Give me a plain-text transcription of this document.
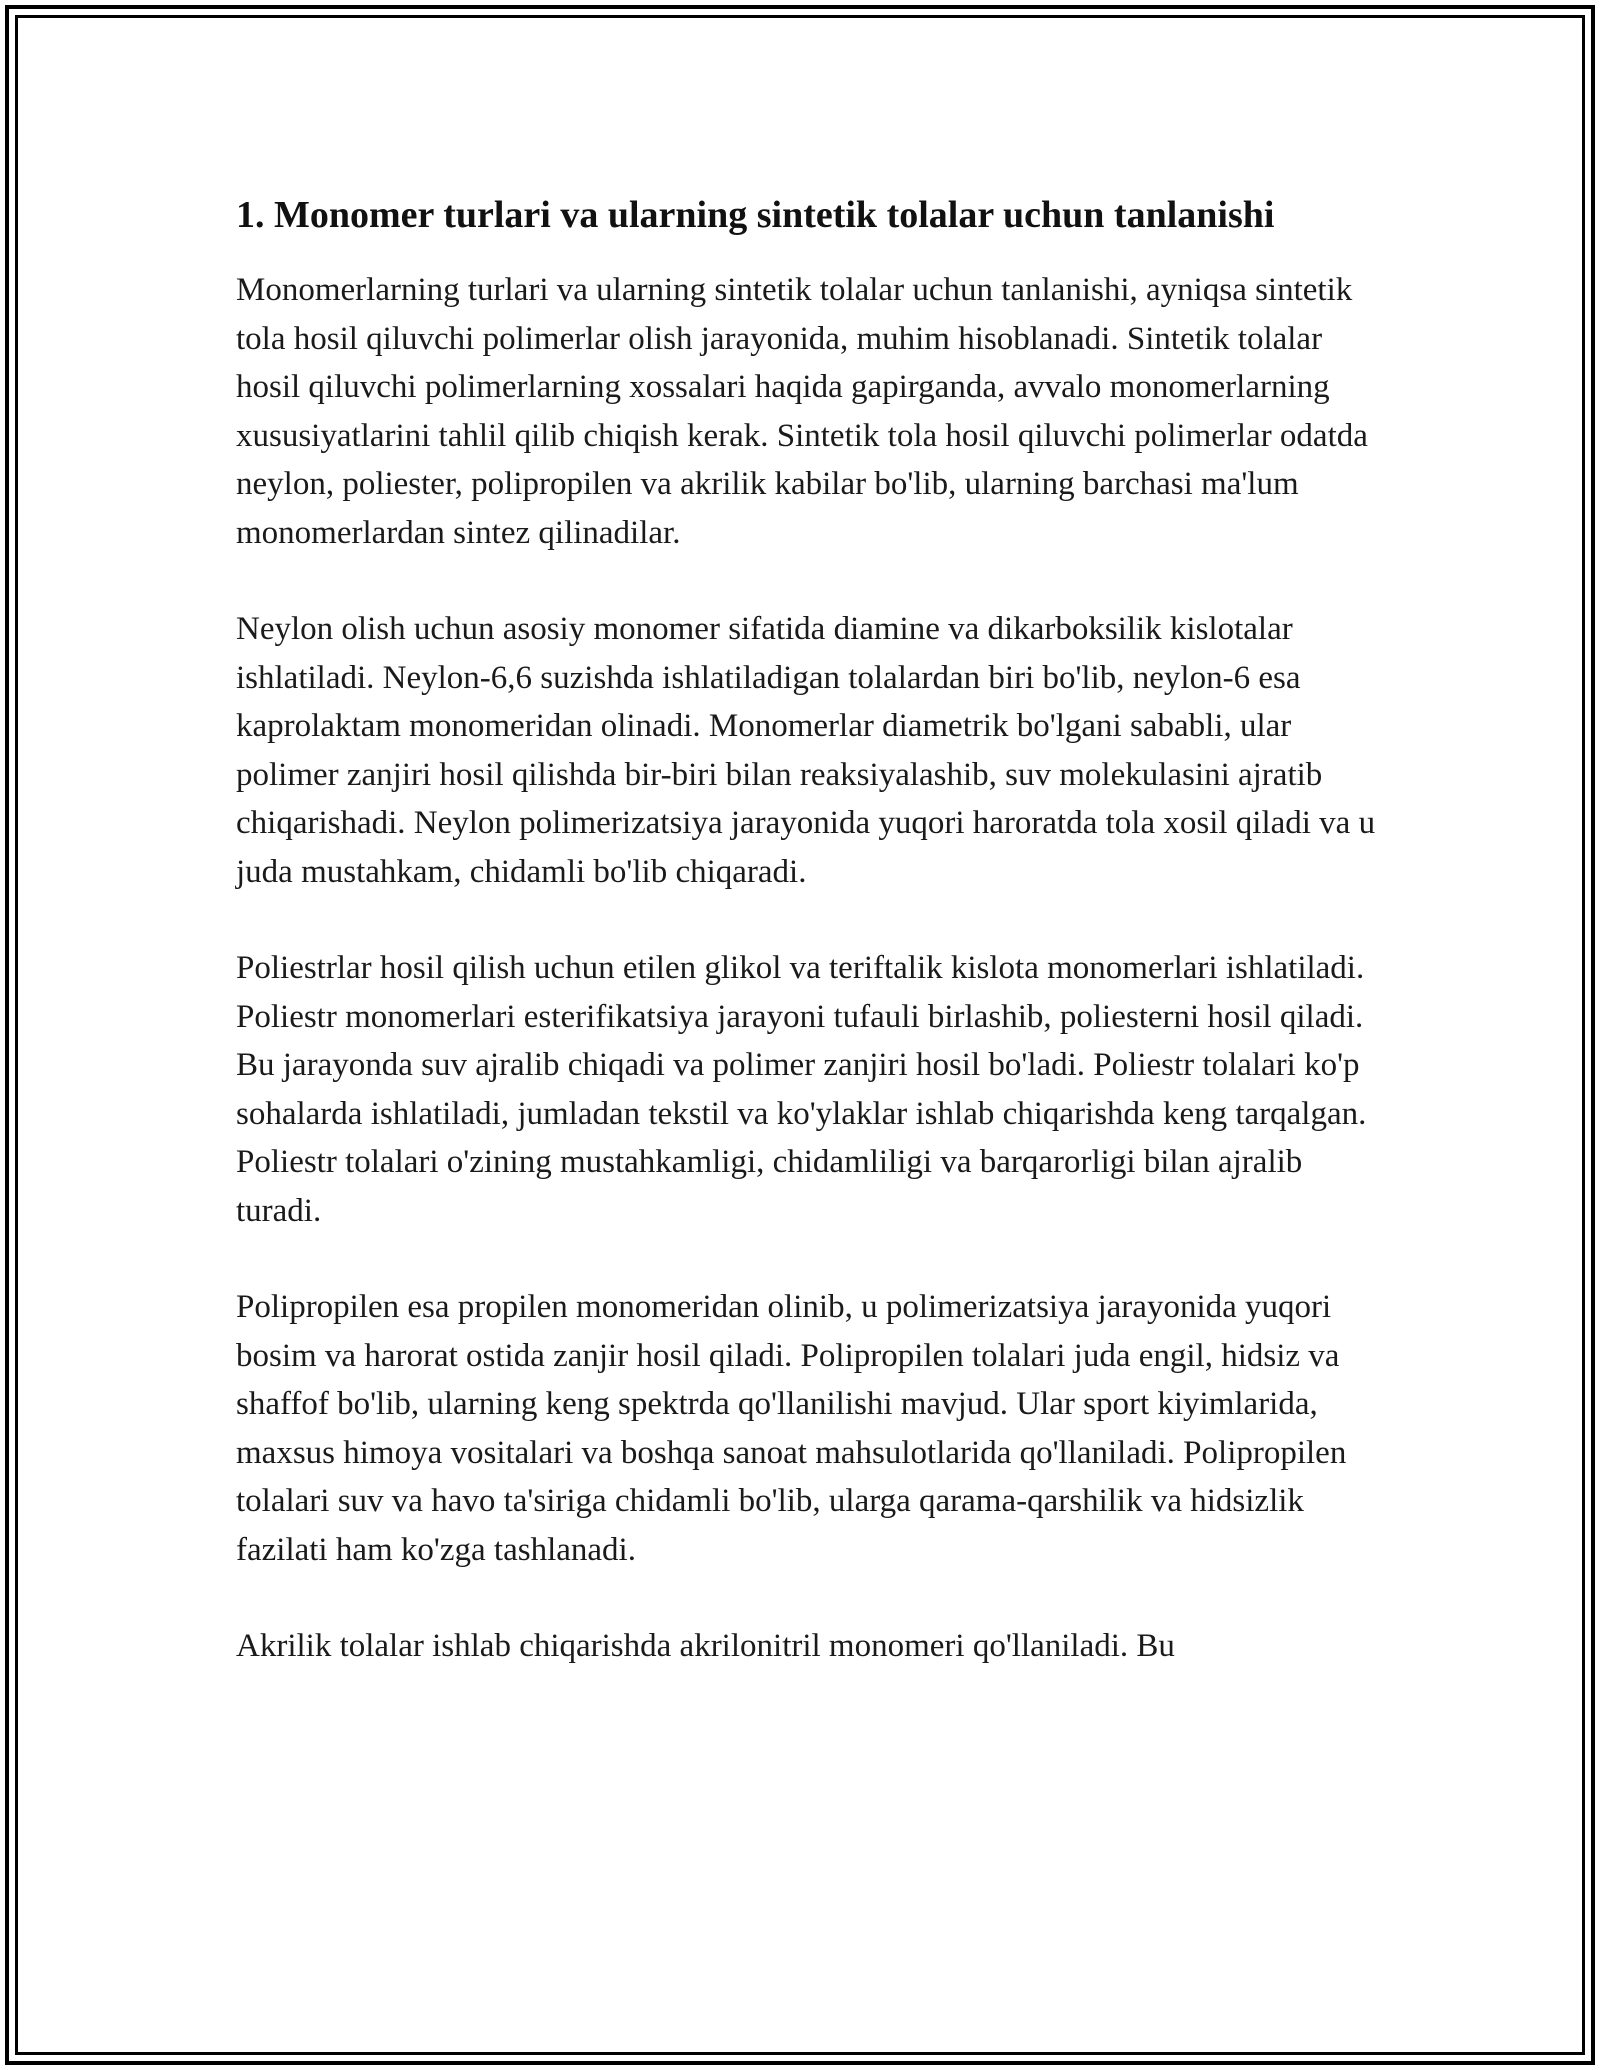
1. Monomer turlari va ularning sintetik tolalar uchun tanlanishi

Monomerlarning turlari va ularning sintetik tolalar uchun tanlanishi, ayniqsa sintetik tola hosil qiluvchi polimerlar olish jarayonida, muhim hisoblanadi. Sintetik tolalar hosil qiluvchi polimerlarning xossalari haqida gapirganda, avvalo monomerlarning xususiyatlarini tahlil qilib chiqish kerak. Sintetik tola hosil qiluvchi polimerlar odatda neylon, poliester, polipropilen va akrilik kabilar bo'lib, ularning barchasi ma'lum monomerlardan sintez qilinadilar.

Neylon olish uchun asosiy monomer sifatida diamine va dikarboksilik kislotalar ishlatiladi. Neylon-6,6 suzishda ishlatiladigan tolalardan biri bo'lib, neylon-6 esa kaprolaktam monomeridan olinadi. Monomerlar diametrik bo'lgani sababli, ular polimer zanjiri hosil qilishda bir-biri bilan reaksiyalashib, suv molekulasini ajratib chiqarishadi. Neylon polimerizatsiya jarayonida yuqori haroratda tola xosil qiladi va u juda mustahkam, chidamli bo'lib chiqaradi.

Poliestrlar hosil qilish uchun etilen glikol va teriftalik kislota monomerlari ishlatiladi. Poliestr monomerlari esterifikatsiya jarayoni tufauli birlashib, poliesterni hosil qiladi. Bu jarayonda suv ajralib chiqadi va polimer zanjiri hosil bo'ladi. Poliestr tolalari ko'p sohalarda ishlatiladi, jumladan tekstil va ko'ylaklar ishlab chiqarishda keng tarqalgan. Poliestr tolalari o'zining mustahkamligi, chidamliligi va barqarorligi bilan ajralib turadi.

Polipropilen esa propilen monomeridan olinib, u polimerizatsiya jarayonida yuqori bosim va harorat ostida zanjir hosil qiladi. Polipropilen tolalari juda engil, hidsiz va shaffof bo'lib, ularning keng spektrda qo'llanilishi mavjud. Ular sport kiyimlarida, maxsus himoya vositalari va boshqa sanoat mahsulotlarida qo'llaniladi. Polipropilen tolalari suv va havo ta'siriga chidamli bo'lib, ularga qarama-qarshilik va hidsizlik fazilati ham ko'zga tashlanadi.

Akrilik tolalar ishlab chiqarishda akrilonitril monomeri qo'llaniladi. Bu
